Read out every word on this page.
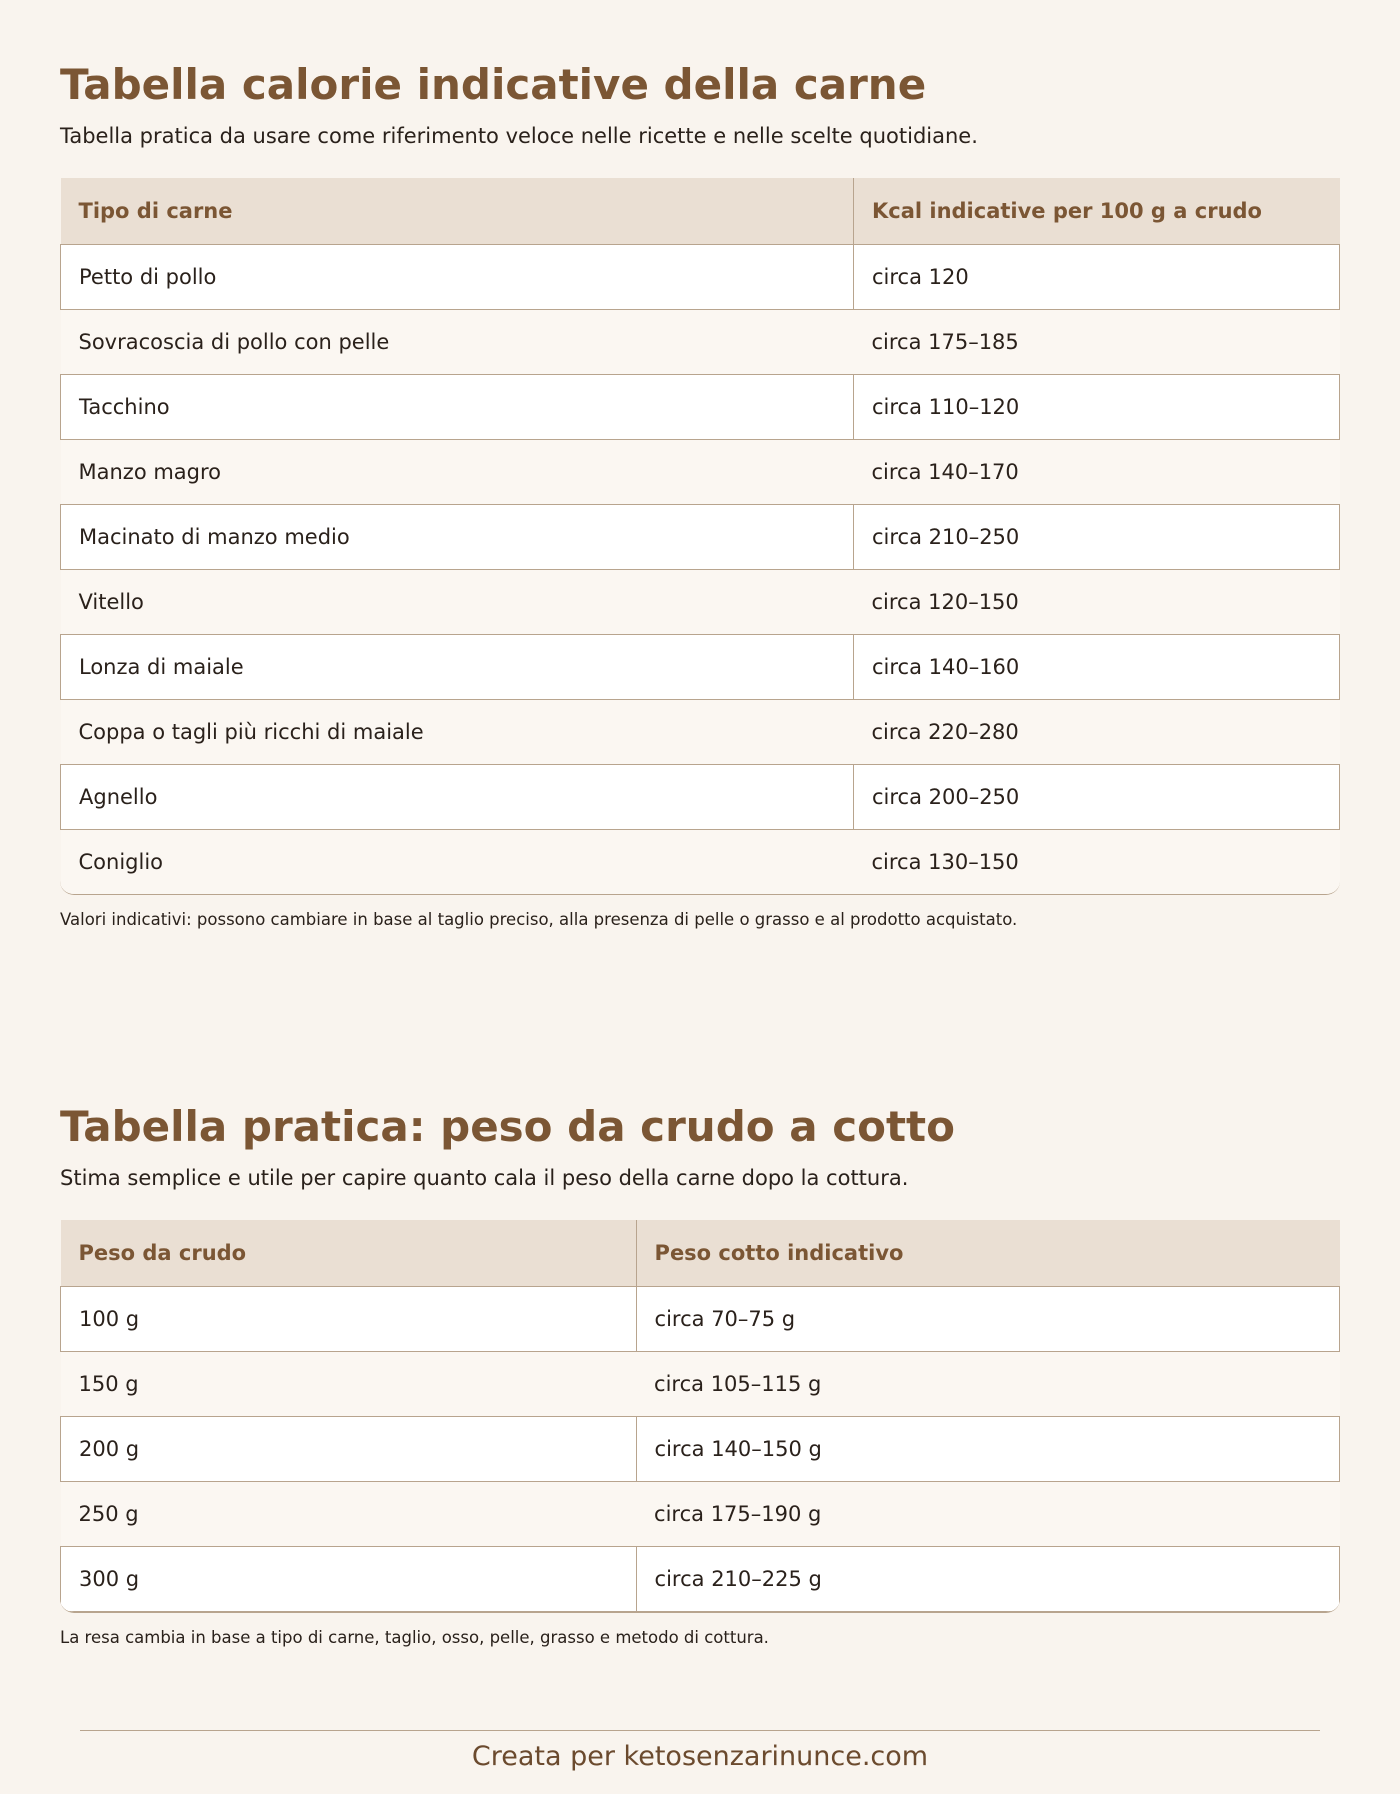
Tabella calorie indicative della carne

Tabella pratica da usare come riferimento veloce nelle ricette e nelle scelte quotidiane.

Tipo di carne	Kcal indicative per 100 g a crudo
Petto di pollo	circa 120
Sovracoscia di pollo con pelle	circa 175–185
Tacchino	circa 110–120
Manzo magro	circa 140–170
Macinato di manzo medio	circa 210–250
Vitello	circa 120–150
Lonza di maiale	circa 140–160
Coppa o tagli più ricchi di maiale	circa 220–280
Agnello	circa 200–250
Coniglio	circa 130–150
Valori indicativi: possono cambiare in base al taglio preciso, alla presenza di pelle o grasso e al prodotto acquistato.
Tabella pratica: peso da crudo a cotto

Stima semplice e utile per capire quanto cala il peso della carne dopo la cottura.

Peso da crudo	Peso cotto indicativo
100 g	circa 70–75 g
150 g	circa 105–115 g
200 g	circa 140–150 g
250 g	circa 175–190 g
300 g	circa 210–225 g
La resa cambia in base a tipo di carne, taglio, osso, pelle, grasso e metodo di cottura.
Creata per ketosenzarinunce.com
